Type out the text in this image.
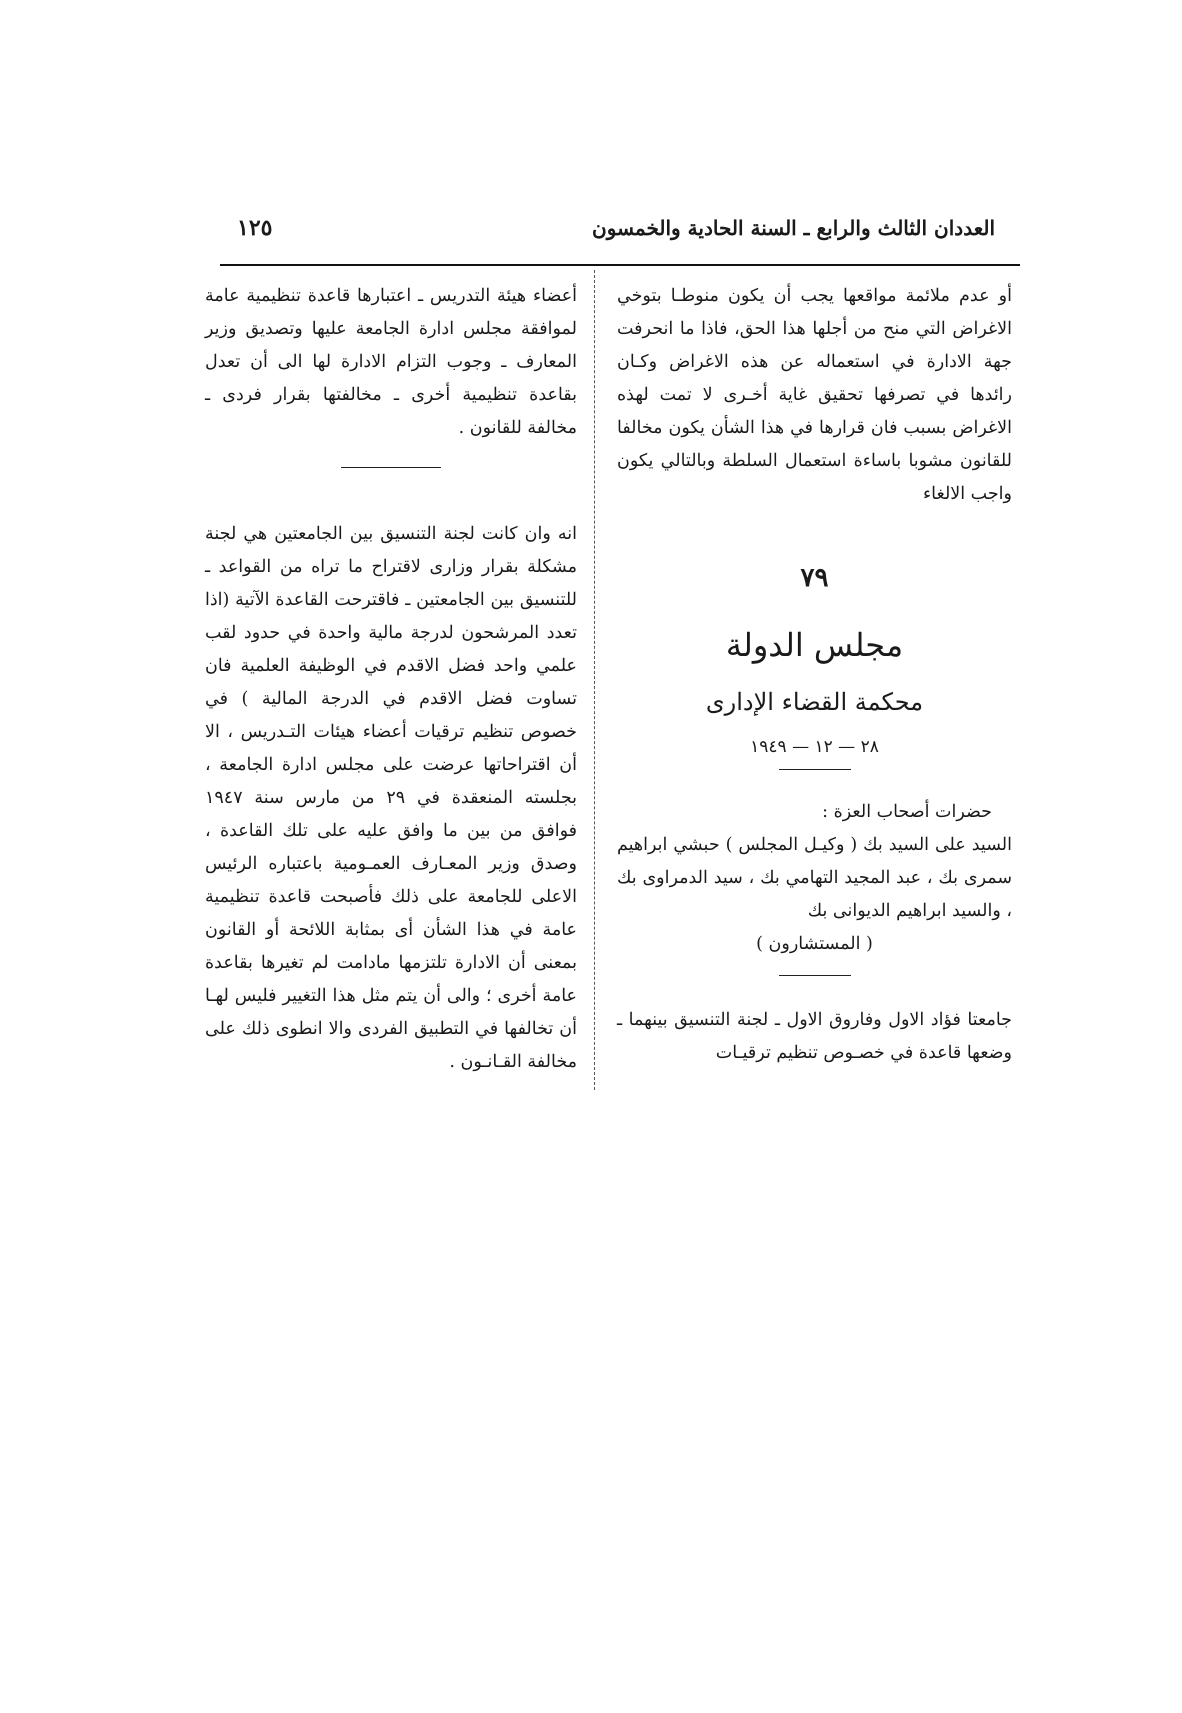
العددان الثالث والرابع ـ السنة الحادية والخمسون
١٢٥

أو عدم ملائمة مواقعها يجب أن يكون منوطـا بتوخي الاغراض التي منح من أجلها هذا الحق، فاذا ما انحرفت جهة الادارة في استعماله عن هذه الاغراض وكـان رائدها في تصرفها تحقيق غاية أخـرى لا تمت لهذه الاغراض بسبب فان قرارها في هذا الشأن يكون مخالفا للقانون مشوبا باساءة استعمال السلطة وبالتالي يكون واجب الالغاء

٧٩
مجلس الدولة
محكمة القضاء الإدارى
٢٨ — ١٢ — ١٩٤٩

حضرات أصحاب العزة :

السيد على السيد بك ( وكيـل المجلس ) حبشي ابراهيم سمرى بك ، عبد المجيد التهامي بك ، سيد الدمراوى بك ، والسيد ابراهيم الديوانى بك

( المستشارون )

جامعتا فؤاد الاول وفاروق الاول ـ لجنة التنسيق بينهما ـ وضعها قاعدة في خصـوص تنظيم ترقيـات

أعضاء هيئة التدريس ـ اعتبارها قاعدة تنظيمية عامة لموافقة مجلس ادارة الجامعة عليها وتصديق وزير المعارف ـ وجوب التزام الادارة لها الى أن تعدل بقاعدة تنظيمية أخرى ـ مخالفتها بقرار فردى ـ مخالفة للقانون .

انه وان كانت لجنة التنسيق بين الجامعتين هي لجنة مشكلة بقرار وزارى لاقتراح ما تراه من القواعد ـ للتنسيق بين الجامعتين ـ فاقترحت القاعدة الآتية (اذا تعدد المرشحون لدرجة مالية واحدة في حدود لقب علمي واحد فضل الاقدم في الوظيفة العلمية فان تساوت فضل الاقدم في الدرجة المالية ) في خصوص تنظيم ترقيات أعضاء هيئات التـدريس ، الا أن اقتراحاتها عرضت على مجلس ادارة الجامعة ، بجلسته المنعقدة في ٢٩ من مارس سنة ١٩٤٧ فوافق من بين ما وافق عليه على تلك القاعدة ، وصدق وزير المعـارف العمـومية باعتباره الرئيس الاعلى للجامعة على ذلك فأصبحت قاعدة تنظيمية عامة في هذا الشأن أى بمثابة اللائحة أو القانون بمعنى أن الادارة تلتزمها مادامت لم تغيرها بقاعدة عامة أخرى ؛ والى أن يتم مثل هذا التغيير فليس لهـا أن تخالفها في التطبيق الفردى والا انطوى ذلك على مخالفة القـانـون .
